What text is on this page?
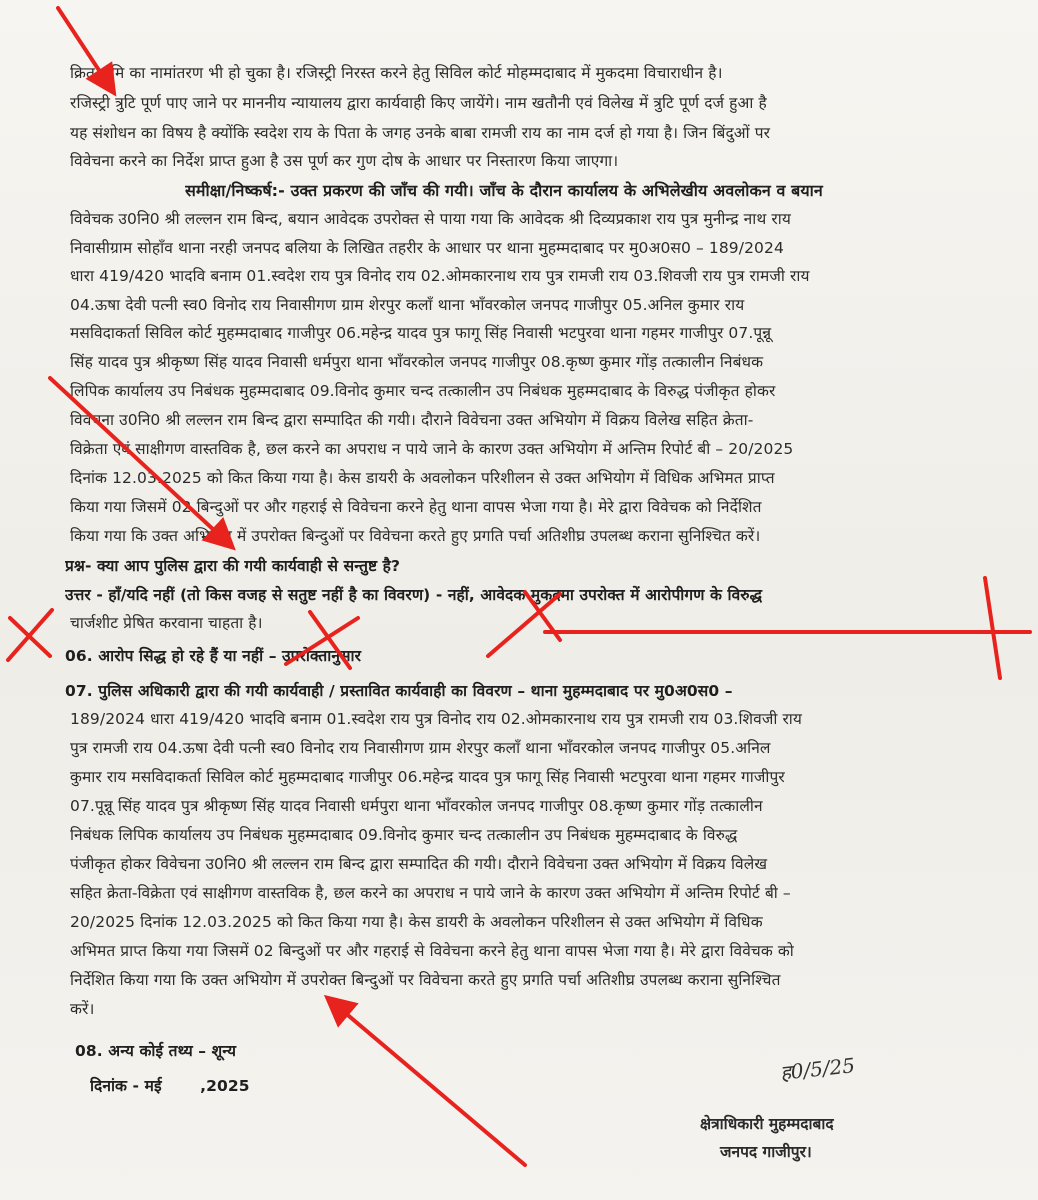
क्रित भूमि का नामांतरण भी हो चुका है। रजिस्ट्री निरस्त करने हेतु सिविल कोर्ट मोहम्मदाबाद में मुकदमा विचाराधीन है।
रजिस्ट्री त्रुटि पूर्ण पाए जाने पर माननीय न्यायालय द्वारा कार्यवाही किए जायेंगे। नाम खतौनी एवं विलेख में त्रुटि पूर्ण दर्ज हुआ है
यह संशोधन का विषय है क्योंकि स्वदेश राय के पिता के जगह उनके बाबा रामजी राय का नाम दर्ज हो गया है। जिन बिंदुओं पर
विवेचना करने का निर्देश प्राप्त हुआ है उस पूर्ण कर गुण दोष के आधार पर निस्तारण किया जाएगा।
समीक्षा/निष्कर्ष:- उक्त प्रकरण की जाँच की गयी। जाँच के दौरान कार्यालय के अभिलेखीय अवलोकन व बयान
विवेचक उ0नि0 श्री लल्लन राम बिन्द, बयान आवेदक उपरोक्त से पाया गया कि आवेदक श्री दिव्यप्रकाश राय पुत्र मुनीन्द्र नाथ राय
निवासीग्राम सोहाँव थाना नरही जनपद बलिया के लिखित तहरीर के आधार पर थाना मुहम्मदाबाद पर मु0अ0स0 – 189/2024
धारा 419/420 भादवि बनाम 01.स्वदेश राय पुत्र विनोद राय 02.ओमकारनाथ राय पुत्र रामजी राय 03.शिवजी राय पुत्र रामजी राय
04.ऊषा देवी पत्नी स्व0 विनोद राय निवासीगण ग्राम शेरपुर कलाँ थाना भाँवरकोल जनपद गाजीपुर 05.अनिल कुमार राय
मसविदाकर्ता सिविल कोर्ट मुहम्मदाबाद गाजीपुर 06.महेन्द्र यादव पुत्र फागू सिंह निवासी भटपुरवा थाना गहमर गाजीपुर 07.पून्नू
सिंह यादव पुत्र श्रीकृष्ण सिंह यादव निवासी धर्मपुरा थाना भाँवरकोल जनपद गाजीपुर 08.कृष्ण कुमार गोंड़ तत्कालीन निबंधक
लिपिक कार्यालय उप निबंधक मुहम्मदाबाद 09.विनोद कुमार चन्द तत्कालीन उप निबंधक मुहम्मदाबाद के विरुद्ध पंजीकृत होकर
विवेचना उ0नि0 श्री लल्लन राम बिन्द द्वारा सम्पादित की गयी। दौराने विवेचना उक्त अभियोग में विक्रय विलेख सहित क्रेता-
विक्रेता एवं साक्षीगण वास्तविक है, छल करने का अपराध न पाये जाने के कारण उक्त अभियोग में अन्तिम रिपोर्ट बी – 20/2025
दिनांक 12.03.2025 को कित किया गया है। केस डायरी के अवलोकन परिशीलन से उक्त अभियोग में विधिक अभिमत प्राप्त
किया गया जिसमें 02 बिन्दुओं पर और गहराई से विवेचना करने हेतु थाना वापस भेजा गया है। मेरे द्वारा विवेचक को निर्देशित
किया गया कि उक्त अभियोग में उपरोक्त बिन्दुओं पर विवेचना करते हुए प्रगति पर्चा अतिशीघ्र उपलब्ध कराना सुनिश्चित करें।
प्रश्न- क्या आप पुलिस द्वारा की गयी कार्यवाही से सन्तुष्ट है?
उत्तर - हाँ/यदि नहीं (तो किस वजह से सतुष्ट नहीं है का विवरण) - नहीं, आवेदक मुकदमा उपरोक्त में आरोपीगण के विरुद्ध
चार्जशीट प्रेषित करवाना चाहता है।
06. आरोप सिद्ध हो रहे हैं या नहीं – उपरोक्तानुसार
07. पुलिस अधिकारी द्वारा की गयी कार्यवाही / प्रस्तावित कार्यवाही का विवरण – थाना मुहम्मदाबाद पर मु0अ0स0 –
189/2024 धारा 419/420 भादवि बनाम 01.स्वदेश राय पुत्र विनोद राय 02.ओमकारनाथ राय पुत्र रामजी राय 03.शिवजी राय
पुत्र रामजी राय 04.ऊषा देवी पत्नी स्व0 विनोद राय निवासीगण ग्राम शेरपुर कलाँ थाना भाँवरकोल जनपद गाजीपुर 05.अनिल
कुमार राय मसविदाकर्ता सिविल कोर्ट मुहम्मदाबाद गाजीपुर 06.महेन्द्र यादव पुत्र फागू सिंह निवासी भटपुरवा थाना गहमर गाजीपुर
07.पून्नू सिंह यादव पुत्र श्रीकृष्ण सिंह यादव निवासी धर्मपुरा थाना भाँवरकोल जनपद गाजीपुर 08.कृष्ण कुमार गोंड़ तत्कालीन
निबंधक लिपिक कार्यालय उप निबंधक मुहम्मदाबाद 09.विनोद कुमार चन्द तत्कालीन उप निबंधक मुहम्मदाबाद के विरुद्ध
पंजीकृत होकर विवेचना उ0नि0 श्री लल्लन राम बिन्द द्वारा सम्पादित की गयी। दौराने विवेचना उक्त अभियोग में विक्रय विलेख
सहित क्रेता-विक्रेता एवं साक्षीगण वास्तविक है, छल करने का अपराध न पाये जाने के कारण उक्त अभियोग में अन्तिम रिपोर्ट बी –
20/2025 दिनांक 12.03.2025 को कित किया गया है। केस डायरी के अवलोकन परिशीलन से उक्त अभियोग में विधिक
अभिमत प्राप्त किया गया जिसमें 02 बिन्दुओं पर और गहराई से विवेचना करने हेतु थाना वापस भेजा गया है। मेरे द्वारा विवेचक को
निर्देशित किया गया कि उक्त अभियोग में उपरोक्त बिन्दुओं पर विवेचना करते हुए प्रगति पर्चा अतिशीघ्र उपलब्ध कराना सुनिश्चित
करें।
08. अन्य कोई तथ्य – शून्य
दिनांक - मई       ,2025
ह0/5/25
क्षेत्राधिकारी मुहम्मदाबाद
जनपद गाजीपुर।
